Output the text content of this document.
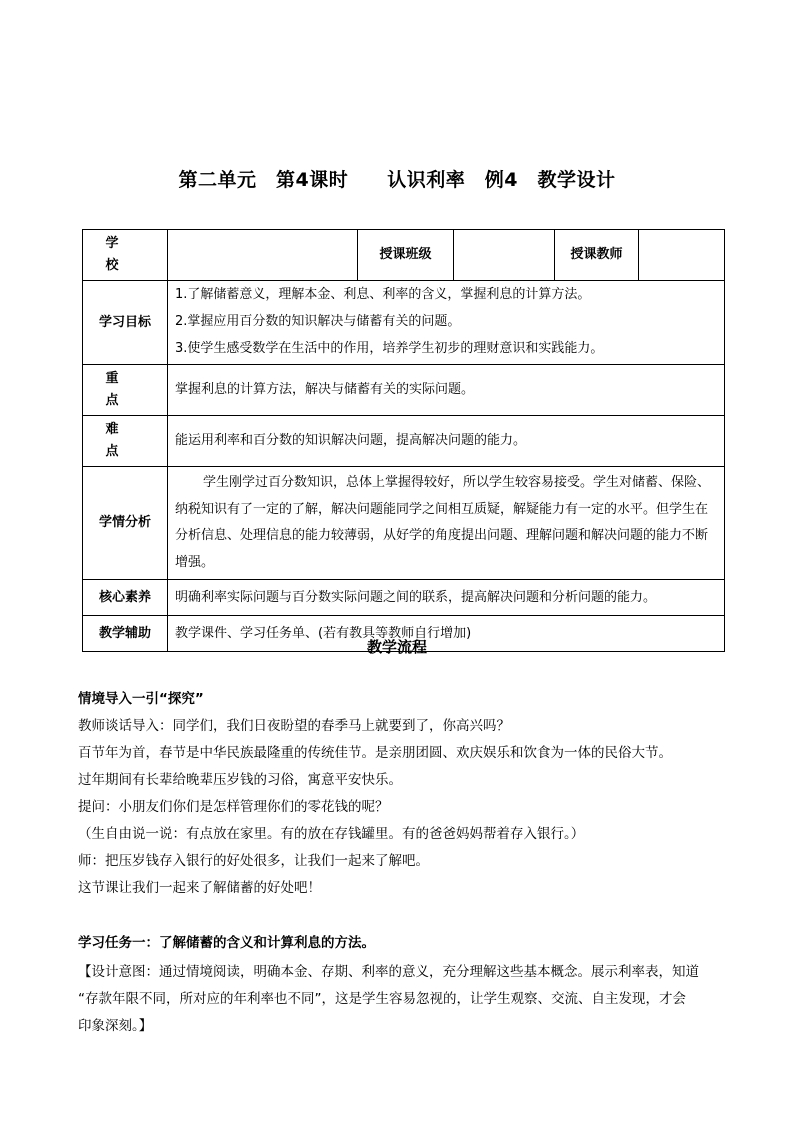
第二单元　第4课时　　认识利率　例4　教学设计
学校		授课班级		授课教师	
学习目标	1.了解储蓄意义，理解本金、利息、利率的含义，掌握利息的计算方法。
2.掌握应用百分数的知识解决与储蓄有关的问题。
3.使学生感受数学在生活中的作用，培养学生初步的理财意识和实践能力。				

重点	掌握利息的计算方法，解决与储蓄有关的实际问题。				
难点	能运用利率和百分数的知识解决问题，提高解决问题的能力。				
学情分析	学生刚学过百分数知识，总体上掌握得较好，所以学生较容易接受。学生对储蓄、保险、纳税知识有了一定的了解，解决问题能同学之间相互质疑，解疑能力有一定的水平。但学生在分析信息、处理信息的能力较薄弱，从好学的角度提出问题、理解问题和解决问题的能力不断增强。				
核心素养	明确利率实际问题与百分数实际问题之间的联系，提高解决问题和分析问题的能力。				
教学辅助	教学课件、学习任务单、(若有教具等教师自行增加)				
教学流程
情境导入一引“探究”
教师谈话导入：同学们，我们日夜盼望的春季马上就要到了，你高兴吗？
百节年为首，春节是中华民族最隆重的传统佳节。是亲朋团圆、欢庆娱乐和饮食为一体的民俗大节。
过年期间有长辈给晚辈压岁钱的习俗，寓意平安快乐。
提问：小朋友们你们是怎样管理你们的零花钱的呢？
（生自由说一说：有点放在家里。有的放在存钱罐里。有的爸爸妈妈帮着存入银行。）
师：把压岁钱存入银行的好处很多，让我们一起来了解吧。
这节课让我们一起来了解储蓄的好处吧！
学习任务一：了解储蓄的含义和计算利息的方法。
【设计意图：通过情境阅读，明确本金、存期、利率的意义，充分理解这些基本概念。展示利率表，知道
“存款年限不同，所对应的年利率也不同”，这是学生容易忽视的，让学生观察、交流、自主发现，才会
印象深刻。】
